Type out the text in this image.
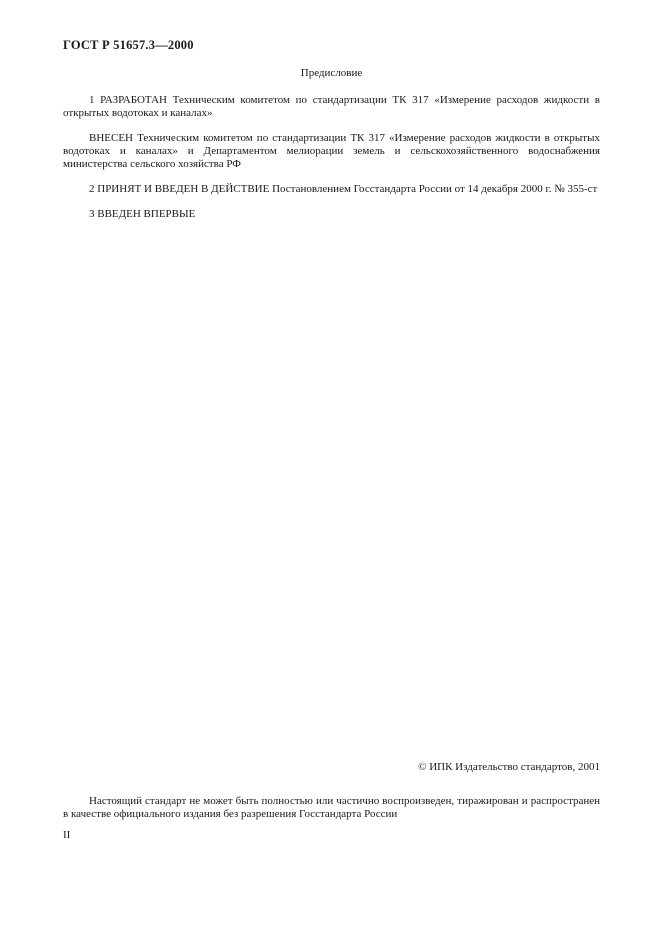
ГОСТ Р 51657.3—2000
Предисловие

1 РАЗРАБОТАН Техническим комитетом по стандартизации ТК 317 «Измерение расходов жидкости в открытых водотоках и каналах»

ВНЕСЕН Техническим комитетом по стандартизации ТК 317 «Измерение расходов жидкости в открытых водотоках и каналах» и Департаментом мелиорации земель и сельскохозяйственного водоснабжения министерства сельского хозяйства РФ

2 ПРИНЯТ И ВВЕДЕН В ДЕЙСТВИЕ Постановлением Госстандарта России от 14 декабря 2000 г. № 355-ст

3 ВВЕДЕН ВПЕРВЫЕ

© ИПК Издательство стандартов, 2001

Настоящий стандарт не может быть полностью или частично воспроизведен, тиражирован и распространен в качестве официального издания без разрешения Госстандарта России

II
